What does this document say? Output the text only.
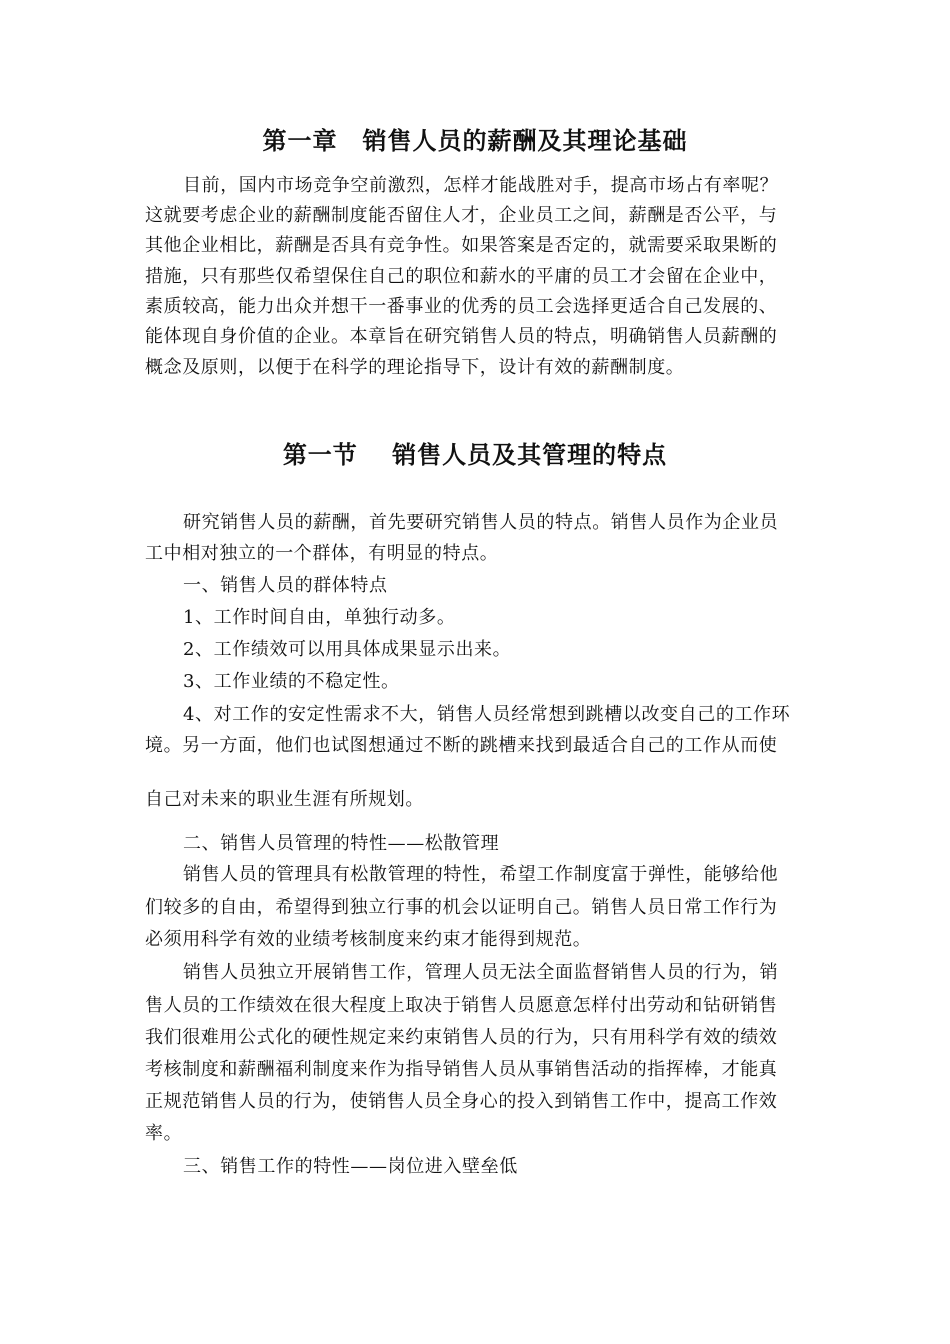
第一章　销售人员的薪酬及其理论基础
目前，国内市场竞争空前激烈，怎样才能战胜对手，提高市场占有率呢？
这就要考虑企业的薪酬制度能否留住人才，企业员工之间，薪酬是否公平，与
其他企业相比，薪酬是否具有竞争性。如果答案是否定的，就需要采取果断的
措施，只有那些仅希望保住自己的职位和薪水的平庸的员工才会留在企业中，
素质较高，能力出众并想干一番事业的优秀的员工会选择更适合自己发展的、
能体现自身价值的企业。本章旨在研究销售人员的特点，明确销售人员薪酬的
概念及原则，以便于在科学的理论指导下，设计有效的薪酬制度。
第一节　 销售人员及其管理的特点
研究销售人员的薪酬，首先要研究销售人员的特点。销售人员作为企业员
工中相对独立的一个群体，有明显的特点。
一、销售人员的群体特点
1、工作时间自由，单独行动多。
2、工作绩效可以用具体成果显示出来。
3、工作业绩的不稳定性。
4、对工作的安定性需求不大，销售人员经常想到跳槽以改变自己的工作环
境。另一方面，他们也试图想通过不断的跳槽来找到最适合自己的工作从而使
自己对未来的职业生涯有所规划。
二、销售人员管理的特性——松散管理
销售人员的管理具有松散管理的特性，希望工作制度富于弹性，能够给他
们较多的自由，希望得到独立行事的机会以证明自己。销售人员日常工作行为
必须用科学有效的业绩考核制度来约束才能得到规范。
销售人员独立开展销售工作，管理人员无法全面监督销售人员的行为，销
售人员的工作绩效在很大程度上取决于销售人员愿意怎样付出劳动和钻研销售
我们很难用公式化的硬性规定来约束销售人员的行为，只有用科学有效的绩效
考核制度和薪酬福利制度来作为指导销售人员从事销售活动的指挥棒，才能真
正规范销售人员的行为，使销售人员全身心的投入到销售工作中，提高工作效
率。
三、销售工作的特性——岗位进入壁垒低
